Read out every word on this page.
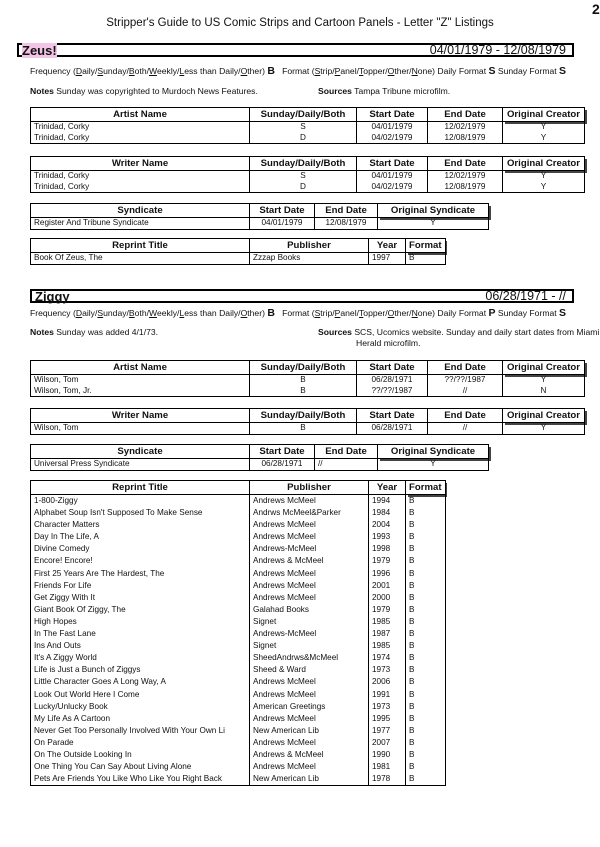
2
Stripper's Guide to US Comic Strips and Cartoon Panels - Letter "Z" Listings
Zeus!	04/01/1979 - 12/08/1979
Frequency (Daily/Sunday/Both/Weekly/Less than Daily/Other) B Format (Strip/Panel/Topper/Other/None) Daily Format S Sunday Format S
Notes Sunday was copyrighted to Murdoch News Features.	Sources Tampa Tribune microfilm.
Artist Name	Sunday/Daily/Both	Start Date	End Date	Original Creator
Trinidad, Corky	S	04/01/1979	12/02/1979	Y
Trinidad, Corky	D	04/02/1979	12/08/1979	Y
Writer Name	Sunday/Daily/Both	Start Date	End Date	Original Creator
Trinidad, Corky	S	04/01/1979	12/02/1979	Y
Trinidad, Corky	D	04/02/1979	12/08/1979	Y
Syndicate	Start Date	End Date	Original Syndicate
Register And Tribune Syndicate	04/01/1979	12/08/1979	Y
Reprint Title	Publisher	Year	Format
Book Of Zeus, The	Zzzap Books	1997	B
Ziggy	06/28/1971 - //
Frequency (Daily/Sunday/Both/Weekly/Less than Daily/Other) B Format (Strip/Panel/Topper/Other/None) Daily Format P Sunday Format S
Notes Sunday was added 4/1/73.	Sources SCS, Ucomics website. Sunday and daily start dates from Miami
Herald microfilm.
Artist Name	Sunday/Daily/Both	Start Date	End Date	Original Creator
Wilson, Tom	B	06/28/1971	??/??/1987	Y
Wilson, Tom, Jr.	B	??/??/1987	//	N
Writer Name	Sunday/Daily/Both	Start Date	End Date	Original Creator
Wilson, Tom	B	06/28/1971	//	Y
Syndicate	Start Date	End Date	Original Syndicate
Universal Press Syndicate	06/28/1971	//	Y
Reprint Title	Publisher	Year	Format
1-800-Ziggy	Andrews McMeel	1994	B
Alphabet Soup Isn't Supposed To Make Sense	Andrws McMeel&Parker	1984	B
Character Matters	Andrews McMeel	2004	B
Day In The Life, A	Andrews McMeel	1993	B
Divine Comedy	Andrews-McMeel	1998	B
Encore! Encore!	Andrews & McMeel	1979	B
First 25 Years Are The Hardest, The	Andrews McMeel	1996	B
Friends For Life	Andrews McMeel	2001	B
Get Ziggy With It	Andrews McMeel	2000	B
Giant Book Of Ziggy, The	Galahad Books	1979	B
High Hopes	Signet	1985	B
In The Fast Lane	Andrews-McMeel	1987	B
Ins And Outs	Signet	1985	B
It's A Ziggy World	SheedAndrws&McMeel	1974	B
Life is Just a Bunch of Ziggys	Sheed & Ward	1973	B
Little Character Goes A Long Way, A	Andrews McMeel	2006	B
Look Out World Here I Come	Andrews McMeel	1991	B
Lucky/Unlucky Book	American Greetings	1973	B
My Life As A Cartoon	Andrews McMeel	1995	B
Never Get Too Personally Involved With Your Own Li	New American Lib	1977	B
On Parade	Andrews McMeel	2007	B
On The Outside Looking In	Andrews & McMeel	1990	B
One Thing You Can Say About Living Alone	Andrews McMeel	1981	B
Pets Are Friends You Like Who Like You Right Back	New American Lib	1978	B
